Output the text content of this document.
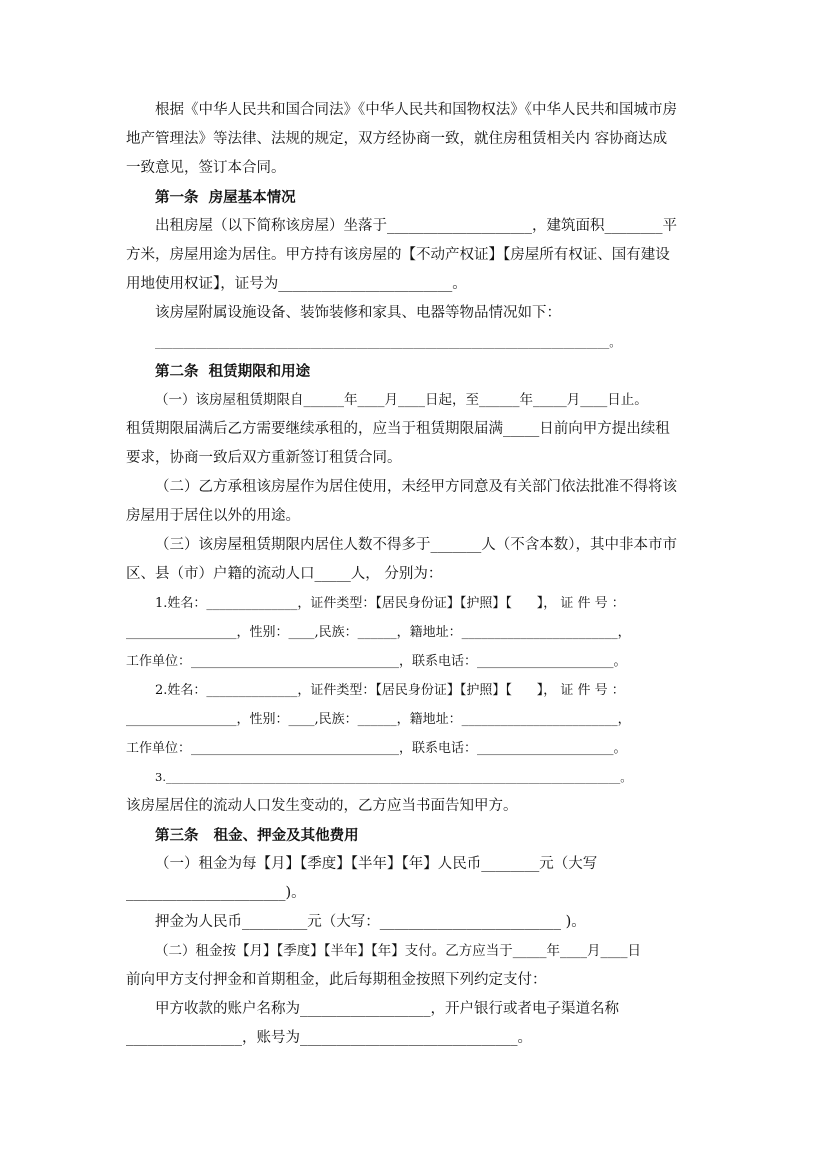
根据《中华人民共和国合同法》《中华人民共和国物权法》《中华人民共和国城市房

地产管理法》等法律、法规的规定，双方经协商一致，就住房租赁相关内 容协商达成

一致意见，签订本合同。

第一条  房屋基本情况

出租房屋（以下简称该房屋）坐落于____________________，建筑面积________平

方米，房屋用途为居住。甲方持有该房屋的【不动产权证】【房屋所有权证、国有建设

用地使用权证】，证号为________________________。

该房屋附属设施设备、装饰装修和家具、电器等物品情况如下：

_______________________________________________________________________________。

第二条  租赁期限和用途

（一）该房屋租赁期限自______年____月____日起，至______年_____月____日止。

租赁期限届满后乙方需要继续承租的，应当于租赁期限届满_____日前向甲方提出续租

要求，协商一致后双方重新签订租赁合同。

（二）乙方承租该房屋作为居住使用，未经甲方同意及有关部门依法批准不得将该

房屋用于居住以外的用途。

（三）该房屋租赁期限内居住人数不得多于_______人（不含本数），其中非本市市

区、县（市）户籍的流动人口_____人， 分别为：

1.姓名：______________，证件类型：【居民身份证】【护照】【      】， 证 件 号 ：

_________________，性别：____,民族：______，籍地址：________________________，

工作单位：________________________________，联系电话：_____________________。

2.姓名：______________，证件类型：【居民身份证】【护照】【      】， 证 件 号 ：

_________________，性别：____,民族：______，籍地址：________________________，

工作单位：________________________________，联系电话：_____________________。

3._______________________________________________________________________________。

该房屋居住的流动人口发生变动的，乙方应当书面告知甲方。

第三条   租金、押金及其他费用

（一）租金为每【月】【季度】【半年】【年】人民币________元（大写

______________________)。

押金为人民币_________元（大写：_________________________ )。

（二）租金按【月】【季度】【半年】【年】支付。乙方应当于_____年____月____日

前向甲方支付押金和首期租金，此后每期租金按照下列约定支付：

甲方收款的账户名称为__________________，开户银行或者电子渠道名称

________________，账号为______________________________。
